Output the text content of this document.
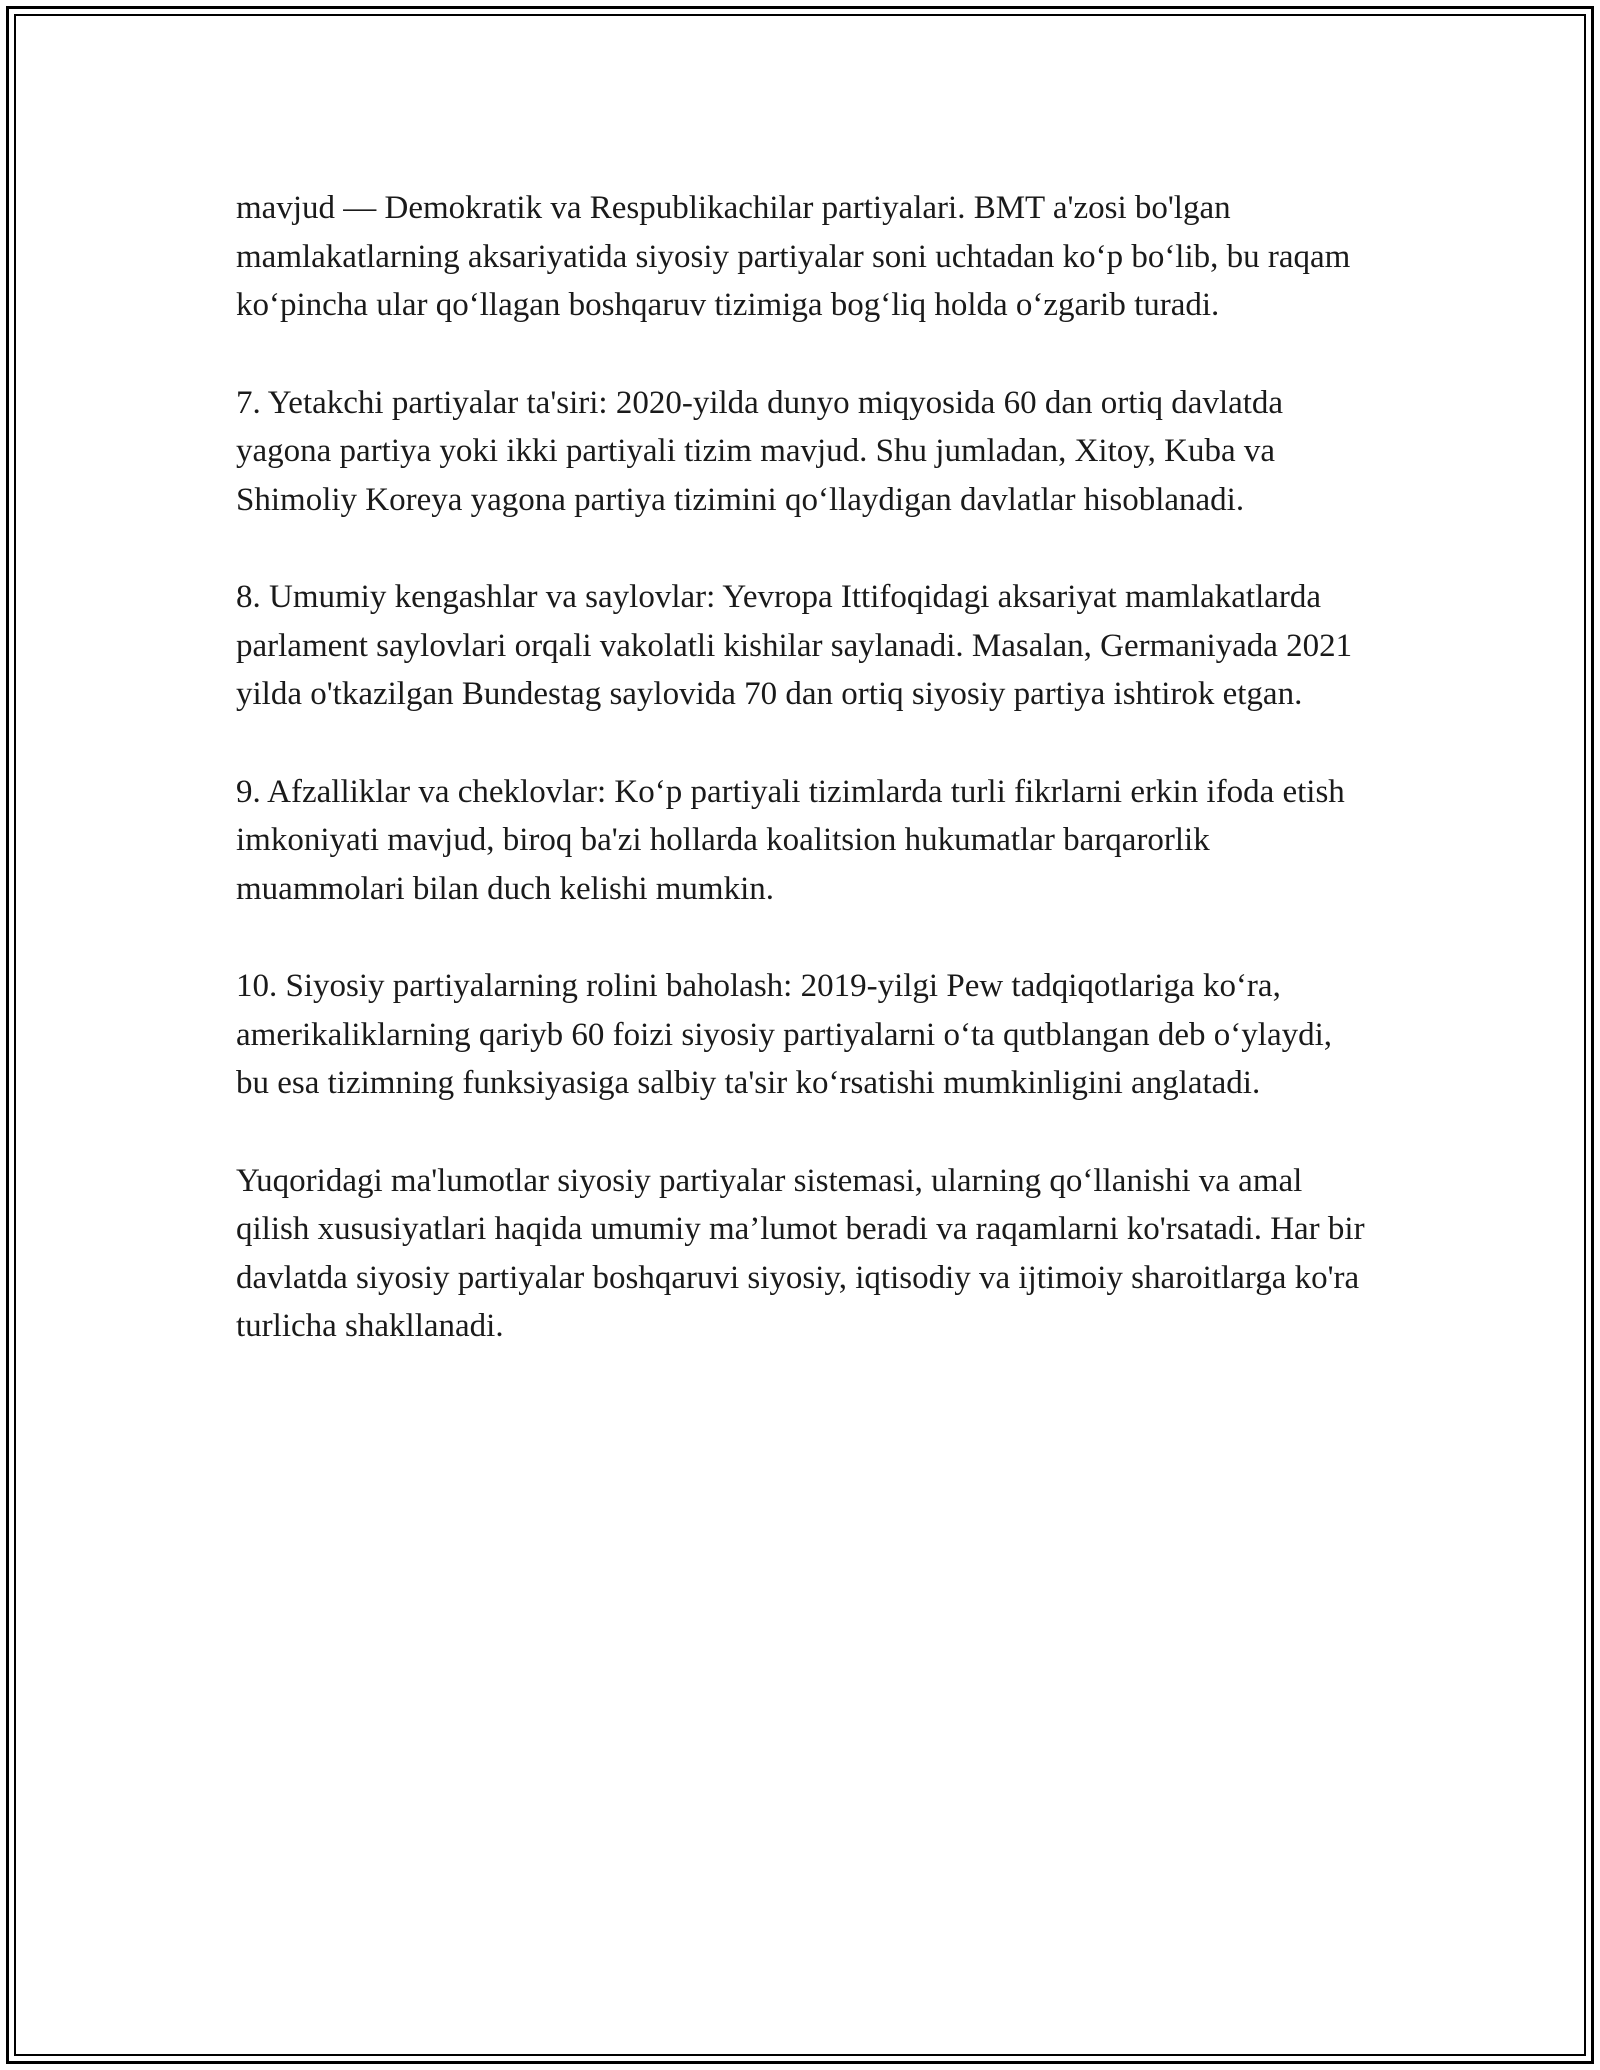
mavjud — Demokratik va Respublikachilar partiyalari. BMT a'zosi bo'lgan mamlakatlarning aksariyatida siyosiy partiyalar soni uchtadan ko‘p bo‘lib, bu raqam ko‘pincha ular qo‘llagan boshqaruv tizimiga bog‘liq holda o‘zgarib turadi.

7. Yetakchi partiyalar ta'siri: 2020-yilda dunyo miqyosida 60 dan ortiq davlatda yagona partiya yoki ikki partiyali tizim mavjud. Shu jumladan, Xitoy, Kuba va Shimoliy Koreya yagona partiya tizimini qo‘llaydigan davlatlar hisoblanadi.

8. Umumiy kengashlar va saylovlar: Yevropa Ittifoqidagi aksariyat mamlakatlarda parlament saylovlari orqali vakolatli kishilar saylanadi. Masalan, Germaniyada 2021 yilda o'tkazilgan Bundestag saylovida 70 dan ortiq siyosiy partiya ishtirok etgan.

9. Afzalliklar va cheklovlar: Ko‘p partiyali tizimlarda turli fikrlarni erkin ifoda etish imkoniyati mavjud, biroq ba'zi hollarda koalitsion hukumatlar barqarorlik muammolari bilan duch kelishi mumkin.

10. Siyosiy partiyalarning rolini baholash: 2019-yilgi Pew tadqiqotlariga ko‘ra, amerikaliklarning qariyb 60 foizi siyosiy partiyalarni o‘ta qutblangan deb o‘ylaydi, bu esa tizimning funksiyasiga salbiy ta'sir ko‘rsatishi mumkinligini anglatadi.

Yuqoridagi ma'lumotlar siyosiy partiyalar sistemasi, ularning qo‘llanishi va amal qilish xususiyatlari haqida umumiy ma’lumot beradi va raqamlarni ko'rsatadi. Har bir davlatda siyosiy partiyalar boshqaruvi siyosiy, iqtisodiy va ijtimoiy sharoitlarga ko'ra turlicha shakllanadi.
